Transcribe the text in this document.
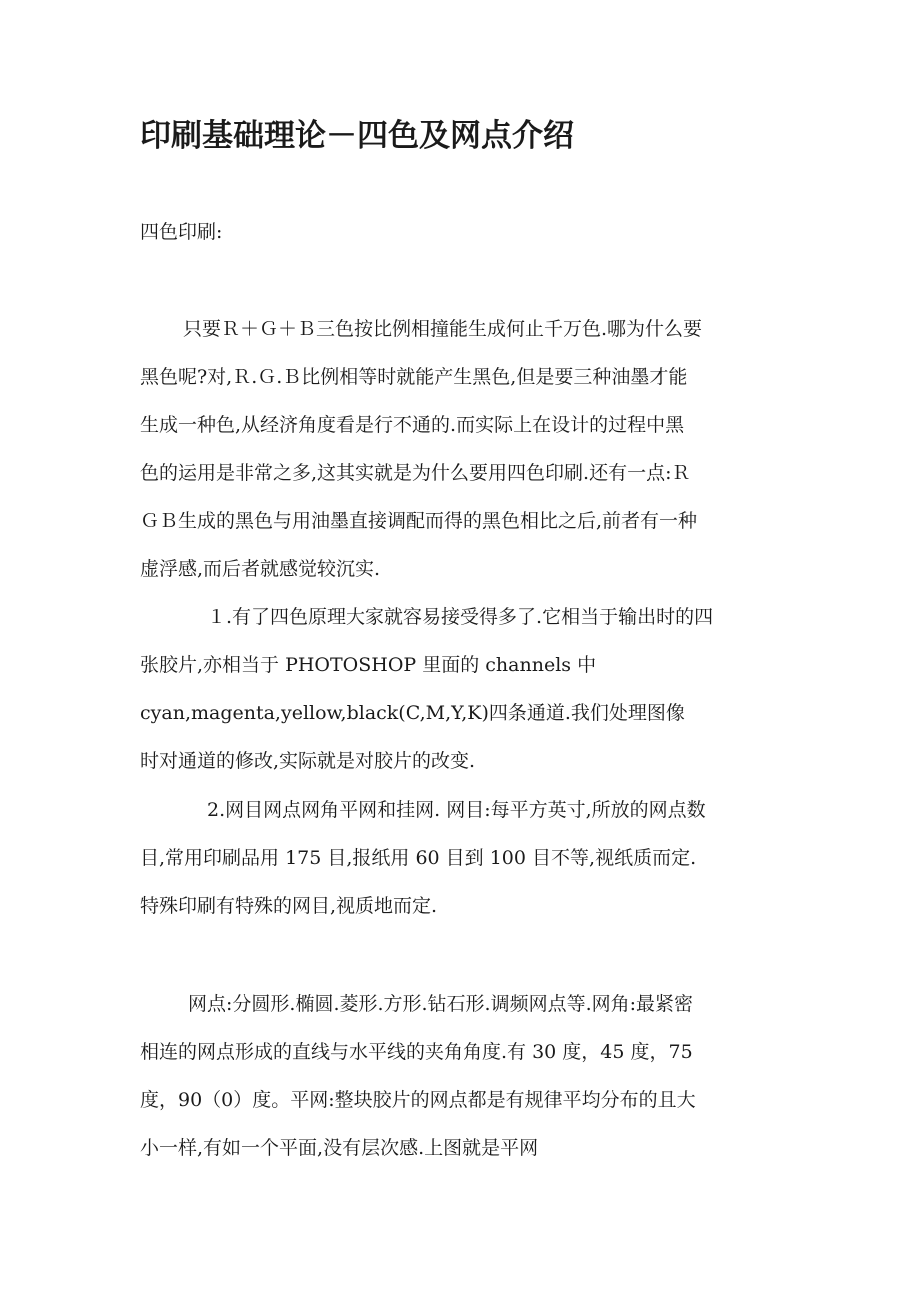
印刷基础理论－四色及网点介绍
四色印刷:
只要Ｒ＋Ｇ＋Ｂ三色按比例相撞能生成何止千万色.哪为什么要
黑色呢?对,Ｒ.Ｇ.Ｂ比例相等时就能产生黑色,但是要三种油墨才能
生成一种色,从经济角度看是行不通的.而实际上在设计的过程中黑
色的运用是非常之多,这其实就是为什么要用四色印刷.还有一点:Ｒ
ＧＢ生成的黑色与用油墨直接调配而得的黑色相比之后,前者有一种
虚浮感,而后者就感觉较沉实.
１.有了四色原理大家就容易接受得多了.它相当于输出时的四
张胶片,亦相当于 PHOTOSHOP 里面的 channels 中
cyan,magenta,yellow,black(C,M,Y,K)四条通道.我们处理图像
时对通道的修改,实际就是对胶片的改变.
2.网目网点网角平网和挂网. 网目:每平方英寸,所放的网点数
目,常用印刷品用 175 目,报纸用 60 目到 100 目不等,视纸质而定.
特殊印刷有特殊的网目,视质地而定.
网点:分圆形.椭圆.菱形.方形.钻石形.调频网点等.网角:最紧密
相连的网点形成的直线与水平线的夹角角度.有 30 度，45 度，75
度，90（0）度。平网:整块胶片的网点都是有规律平均分布的且大
小一样,有如一个平面,没有层次感.上图就是平网
